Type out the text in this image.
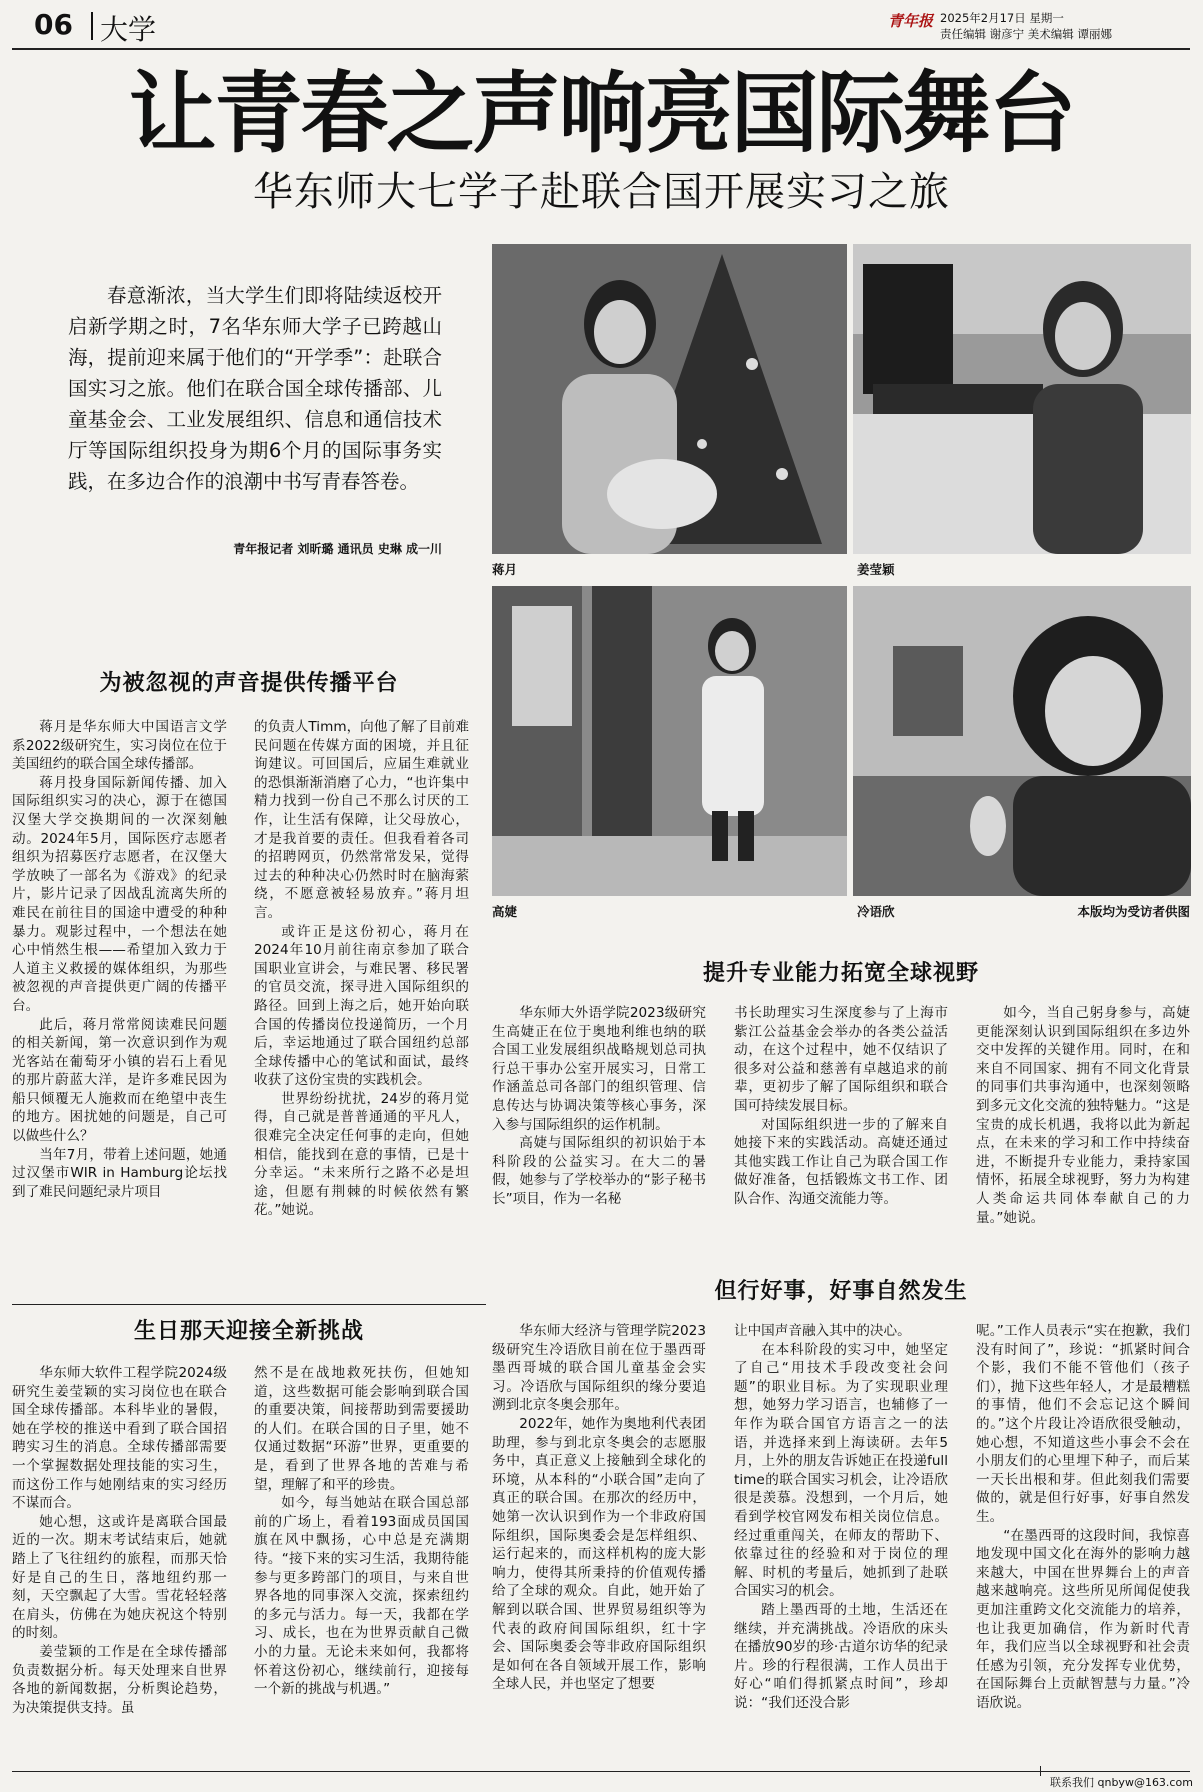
06 大学	青年报 2025年2月17日 星期一
责任编辑 谢彦宁 美术编辑 谭丽娜
让青春之声响亮国际舞台
华东师大七学子赴联合国开展实习之旅

春意渐浓，当大学生们即将陆续返校开启新学期之时，7名华东师大学子已跨越山海，提前迎来属于他们的“开学季”：赴联合国实习之旅。他们在联合国全球传播部、儿童基金会、工业发展组织、信息和通信技术厅等国际组织投身为期6个月的国际事务实践，在多边合作的浪潮中书写青春答卷。

青年报记者 刘昕璐 通讯员 史琳 成一川
蒋月	姜莹颖
高婕	冷语欣	本版均为受访者供图
为被忽视的声音提供传播平台

蒋月是华东师大中国语言文学系2022级研究生，实习岗位在位于美国纽约的联合国全球传播部。

蒋月投身国际新闻传播、加入国际组织实习的决心，源于在德国汉堡大学交换期间的一次深刻触动。2024年5月，国际医疗志愿者组织为招募医疗志愿者，在汉堡大学放映了一部名为《游戏》的纪录片，影片记录了因战乱流离失所的难民在前往目的国途中遭受的种种暴力。观影过程中，一个想法在她心中悄然生根——希望加入致力于人道主义救援的媒体组织，为那些被忽视的声音提供更广阔的传播平台。

此后，蒋月常常阅读难民问题的相关新闻，第一次意识到作为观光客站在葡萄牙小镇的岩石上看见的那片蔚蓝大洋，是许多难民因为船只倾覆无人施救而在绝望中丧生的地方。困扰她的问题是，自己可以做些什么？

当年7月，带着上述问题，她通过汉堡市WIR in Hamburg论坛找到了难民问题纪录片项目

的负责人Timm，向他了解了目前难民问题在传媒方面的困境，并且征询建议。可回国后，应届生难就业的恐惧渐渐消磨了心力，“也许集中精力找到一份自己不那么讨厌的工作，让生活有保障，让父母放心，才是我首要的责任。但我看着各司的招聘网页，仍然常常发呆，觉得过去的种种决心仍然时时在脑海萦绕，不愿意被轻易放弃。”蒋月坦言。

或许正是这份初心，蒋月在2024年10月前往南京参加了联合国职业宣讲会，与难民署、移民署的官员交流，探寻进入国际组织的路径。回到上海之后，她开始向联合国的传播岗位投递简历，一个月后，幸运地通过了联合国纽约总部全球传播中心的笔试和面试，最终收获了这份宝贵的实践机会。

世界纷纷扰扰，24岁的蒋月觉得，自己就是普普通通的平凡人，很难完全决定任何事的走向，但她相信，能找到在意的事情，已是十分幸运。“未来所行之路不必是坦途，但愿有荆棘的时候依然有繁花。”她说。

生日那天迎接全新挑战

华东师大软件工程学院2024级研究生姜莹颖的实习岗位也在联合国全球传播部。本科毕业的暑假，她在学校的推送中看到了联合国招聘实习生的消息。全球传播部需要一个掌握数据处理技能的实习生，而这份工作与她刚结束的实习经历不谋而合。

她心想，这或许是离联合国最近的一次。期末考试结束后，她就踏上了飞往纽约的旅程，而那天恰好是自己的生日，落地纽约那一刻，天空飘起了大雪。雪花轻轻落在肩头，仿佛在为她庆祝这个特别的时刻。

姜莹颖的工作是在全球传播部负责数据分析。每天处理来自世界各地的新闻数据，分析舆论趋势，为决策提供支持。虽

然不是在战地救死扶伤，但她知道，这些数据可能会影响到联合国的重要决策，间接帮助到需要援助的人们。在联合国的日子里，她不仅通过数据“环游”世界，更重要的是，看到了世界各地的苦难与希望，理解了和平的珍贵。

如今，每当她站在联合国总部前的广场上，看着193面成员国国旗在风中飘扬，心中总是充满期待。“接下来的实习生活，我期待能参与更多跨部门的项目，与来自世界各地的同事深入交流，探索纽约的多元与活力。每一天，我都在学习、成长，也在为世界贡献自己微小的力量。无论未来如何，我都将怀着这份初心，继续前行，迎接每一个新的挑战与机遇。”

提升专业能力拓宽全球视野

华东师大外语学院2023级研究生高婕正在位于奥地利维也纳的联合国工业发展组织战略规划总司执行总干事办公室开展实习，日常工作涵盖总司各部门的组织管理、信息传达与协调决策等核心事务，深入参与国际组织的运作机制。

高婕与国际组织的初识始于本科阶段的公益实习。在大二的暑假，她参与了学校举办的“影子秘书长”项目，作为一名秘

书长助理实习生深度参与了上海市紫江公益基金会举办的各类公益活动，在这个过程中，她不仅结识了很多对公益和慈善有卓越追求的前辈，更初步了解了国际组织和联合国可持续发展目标。

对国际组织进一步的了解来自她接下来的实践活动。高婕还通过其他实践工作让自己为联合国工作做好准备，包括锻炼文书工作、团队合作、沟通交流能力等。

如今，当自己躬身参与，高婕更能深刻认识到国际组织在多边外交中发挥的关键作用。同时，在和来自不同国家、拥有不同文化背景的同事们共事沟通中，也深刻领略到多元文化交流的独特魅力。“这是宝贵的成长机遇，我将以此为新起点，在未来的学习和工作中持续奋进，不断提升专业能力，秉持家国情怀，拓展全球视野，努力为构建人类命运共同体奉献自己的力量。”她说。

但行好事，好事自然发生

华东师大经济与管理学院2023级研究生冷语欣目前在位于墨西哥墨西哥城的联合国儿童基金会实习。冷语欣与国际组织的缘分要追溯到北京冬奥会那年。

2022年，她作为奥地利代表团助理，参与到北京冬奥会的志愿服务中，真正意义上接触到全球化的环境，从本科的“小联合国”走向了真正的联合国。在那次的经历中，她第一次认识到作为一个非政府国际组织，国际奥委会是怎样组织、运行起来的，而这样机构的庞大影响力，使得其所秉持的价值观传播给了全球的观众。自此，她开始了解到以联合国、世界贸易组织等为代表的政府间国际组织，红十字会、国际奥委会等非政府国际组织是如何在各自领域开展工作，影响全球人民，并也坚定了想要

让中国声音融入其中的决心。

在本科阶段的实习中，她坚定了自己“用技术手段改变社会问题”的职业目标。为了实现职业理想，她努力学习语言，也辅修了一年作为联合国官方语言之一的法语，并选择来到上海读研。去年5月，上外的朋友告诉她正在投递full time的联合国实习机会，让冷语欣很是羡慕。没想到，一个月后，她看到学校官网发布相关岗位信息。经过重重闯关，在师友的帮助下、依靠过往的经验和对于岗位的理解、时机的考量后，她抓到了赴联合国实习的机会。

踏上墨西哥的土地，生活还在继续，并充满挑战。冷语欣的床头在播放90岁的珍·古道尔访华的纪录片。珍的行程很满，工作人员出于好心“咱们得抓紧点时间”，珍却说：“我们还没合影

呢。”工作人员表示“实在抱歉，我们没有时间了”，珍说：“抓紧时间合个影，我们不能不管他们（孩子们），抛下这些年轻人，才是最糟糕的事情，他们不会忘记这个瞬间的。”这个片段让冷语欣很受触动，她心想，不知道这些小事会不会在小朋友们的心里埋下种子，而后某一天长出根和芽。但此刻我们需要做的，就是但行好事，好事自然发生。

“在墨西哥的这段时间，我惊喜地发现中国文化在海外的影响力越来越大，中国在世界舞台上的声音越来越响亮。这些所见所闻促使我更加注重跨文化交流能力的培养，也让我更加确信，作为新时代青年，我们应当以全球视野和社会责任感为引领，充分发挥专业优势，在国际舞台上贡献智慧与力量。”冷语欣说。

联系我们 qnbyw@163.com
